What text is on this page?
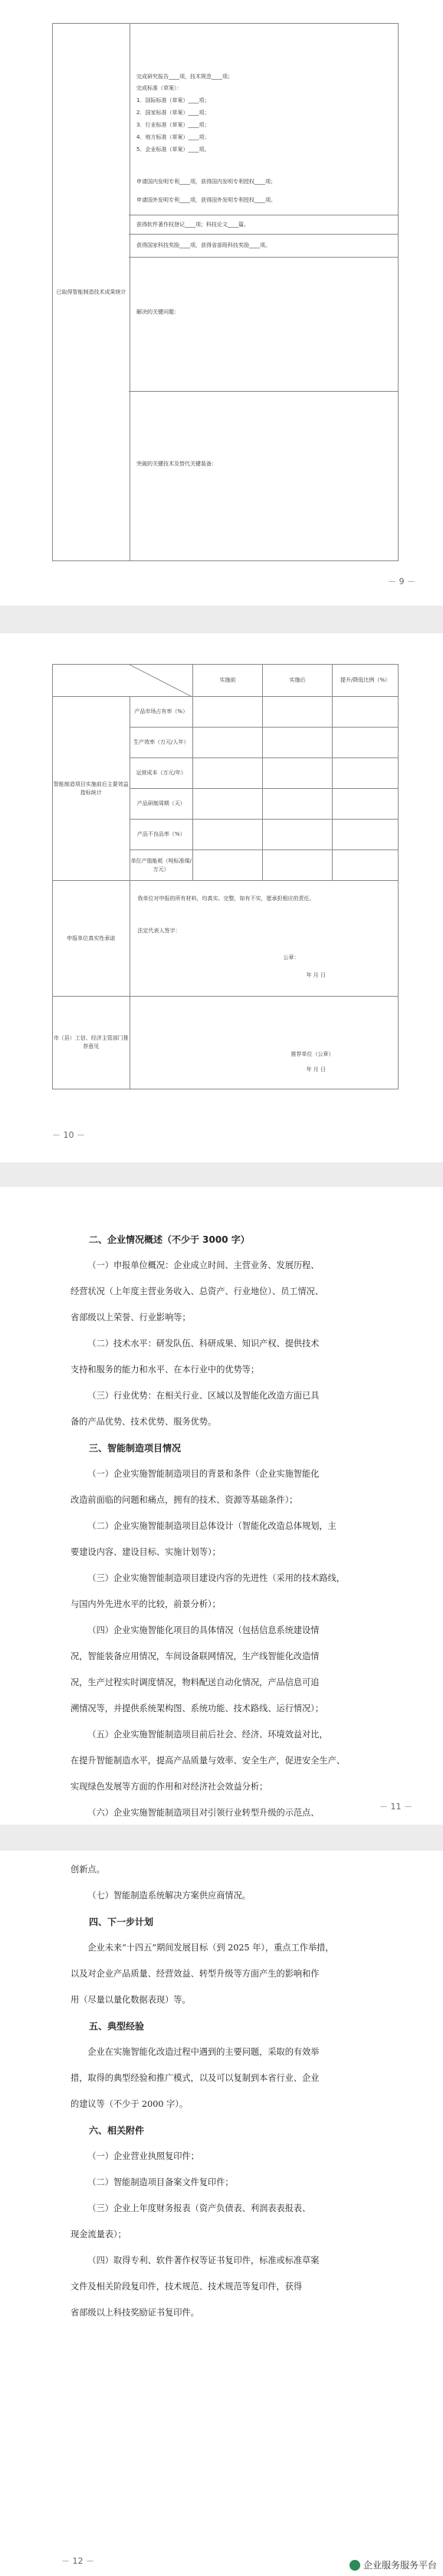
已取得智能制造技术成果统计	
完成研究报告____项，技术规范____项；
完成标准（草案）：
1．国际标准（草案）____项；
2．国家标准（草案）____项；
3．行业标准（草案）____项；
4．地方标准（草案）____项；
5．企业标准（草案）____项。
申请国内发明专利____项，获得国内发明专利授权____项；
申请国外发明专利____项，获得国外发明专利授权____项。
获得软件著作权登记____项；科技论文____篇。
获得国家科技奖励____项，获得省部级科技奖励____项。
解决的关键问题：
突破的关键技术及替代关键装备：
－ 9 －

	实施前	实施后	提升/降低比例（%）
智能制造项目实施前后主要效益指标统计	产品市场占有率（%）			
	生产效率（万元/人年）			
	运营成本（万元/年）			
	产品研制周期（天）			
	产品不良品率（%）			
	单位产值能耗（吨标准煤/万元）			
申报单位真实性承诺	我单位对申报的所有材料，均真实、完整，如有不实，愿承担相应的责任。
法定代表人签字：
公章：
年 月 日			

市（县）工信、经济主管部门推荐意见	推荐单位（公章）
年 月 日			
－ 10 －

二、企业情况概述（不少于 3000 字）

（一）申报单位概况：企业成立时间、主营业务、发展历程、

经营状况（上年度主营业务收入、总资产、行业地位）、员工情况、

省部级以上荣誉、行业影响等；

（二）技术水平：研发队伍、科研成果、知识产权、提供技术

支持和服务的能力和水平、在本行业中的优势等；

（三）行业优势：在相关行业、区域以及智能化改造方面已具

备的产品优势、技术优势、服务优势。

三、智能制造项目情况

（一）企业实施智能制造项目的背景和条件（企业实施智能化

改造前面临的问题和痛点，拥有的技术、资源等基础条件）；

（二）企业实施智能制造项目总体设计（智能化改造总体规划，主

要建设内容、建设目标、实施计划等）；

（三）企业实施智能制造项目建设内容的先进性（采用的技术路线，

与国内外先进水平的比较，前景分析）；

（四）企业实施智能化项目的具体情况（包括信息系统建设情

况，智能装备应用情况，车间设备联网情况，生产线智能化改造情

况，生产过程实时调度情况，物料配送自动化情况，产品信息可追

溯情况等，并提供系统架构图、系统功能、技术路线、运行情况）；

（五）企业实施智能制造项目前后社会、经济、环境效益对比，

在提升智能制造水平，提高产品质量与效率、安全生产，促进安全生产、

实现绿色发展等方面的作用和对经济社会效益分析；

（六）企业实施智能制造项目对引领行业转型升级的示范点、

－ 11 －

创新点。

（七）智能制造系统解决方案供应商情况。

四、下一步计划

企业未来“十四五”期间发展目标（到 2025 年），重点工作举措，

以及对企业产品质量、经营效益、转型升级等方面产生的影响和作

用（尽量以量化数据表现）等。

五、典型经验

企业在实施智能化改造过程中遇到的主要问题，采取的有效举

措，取得的典型经验和推广模式，以及可以复制到本省行业、企业

的建议等（不少于 2000 字）。

六、相关附件

（一）企业营业执照复印件；

（二）智能制造项目备案文件复印件；

（三）企业上年度财务报表（资产负债表、利润表表报表、

现金流量表）；

（四）取得专利、软件著作权等证书复印件，标准或标准草案

文件及相关阶段复印件，技术规范、技术规范等复印件，获得

省部级以上科技奖励证书复印件。

－ 12 －	企业服务服务平台
